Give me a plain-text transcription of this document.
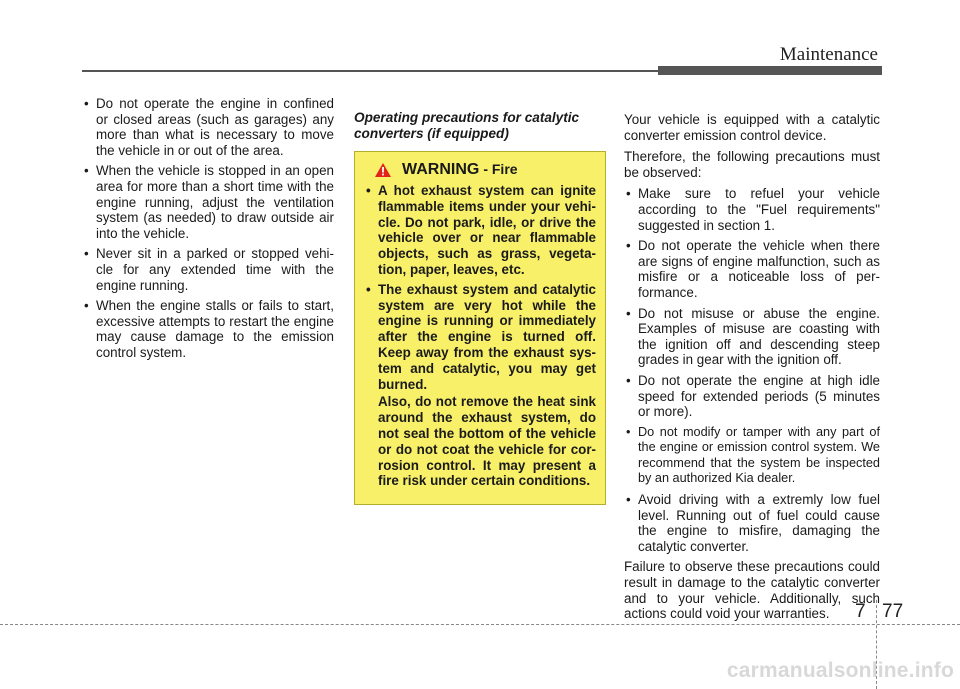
Maintenance
• Do not operate the engine in confined or closed areas (such as garages) any more than what is necessary to move the vehicle in or out of the area.
• When the vehicle is stopped in an open area for more than a short time with the engine running, adjust the ventilation system (as needed) to draw outside air into the vehicle.
• Never sit in a parked or stopped vehi-cle for any extended time with the engine running.
• When the engine stalls or fails to start, excessive attempts to restart the engine may cause damage to the emission control system.
Operating precautions for catalytic converters (if equipped)
WARNING - Fire
• A hot exhaust system can ignite flammable items under your vehi-cle. Do not park, idle, or drive the vehicle over or near flammable objects, such as grass, vegeta-tion, paper, leaves, etc.
• The exhaust system and catalytic system are very hot while the engine is running or immediately after the engine is turned off. Keep away from the exhaust sys-tem and catalytic, you may get burned.

Also, do not remove the heat sink around the exhaust system, do not seal the bottom of the vehicle or do not coat the vehicle for cor-rosion control. It may present a fire risk under certain conditions.

Your vehicle is equipped with a catalytic converter emission control device.

Therefore, the following precautions must be observed:

• Make sure to refuel your vehicle according to the "Fuel requirements" suggested in section 1.
• Do not operate the vehicle when there are signs of engine malfunction, such as misfire or a noticeable loss of per-formance.
• Do not misuse or abuse the engine. Examples of misuse are coasting with the ignition off and descending steep grades in gear with the ignition off.
• Do not operate the engine at high idle speed for extended periods (5 minutes or more).
• Do not modify or tamper with any part of the engine or emission control system. We recommend that the system be inspected by an authorized Kia dealer.
• Avoid driving with a extremly low fuel level. Running out of fuel could cause the engine to misfire, damaging the catalytic converter.

Failure to observe these precautions could result in damage to the catalytic converter and to your vehicle. Additionally, such actions could void your warranties.	7 77
carmanualsonline.info
